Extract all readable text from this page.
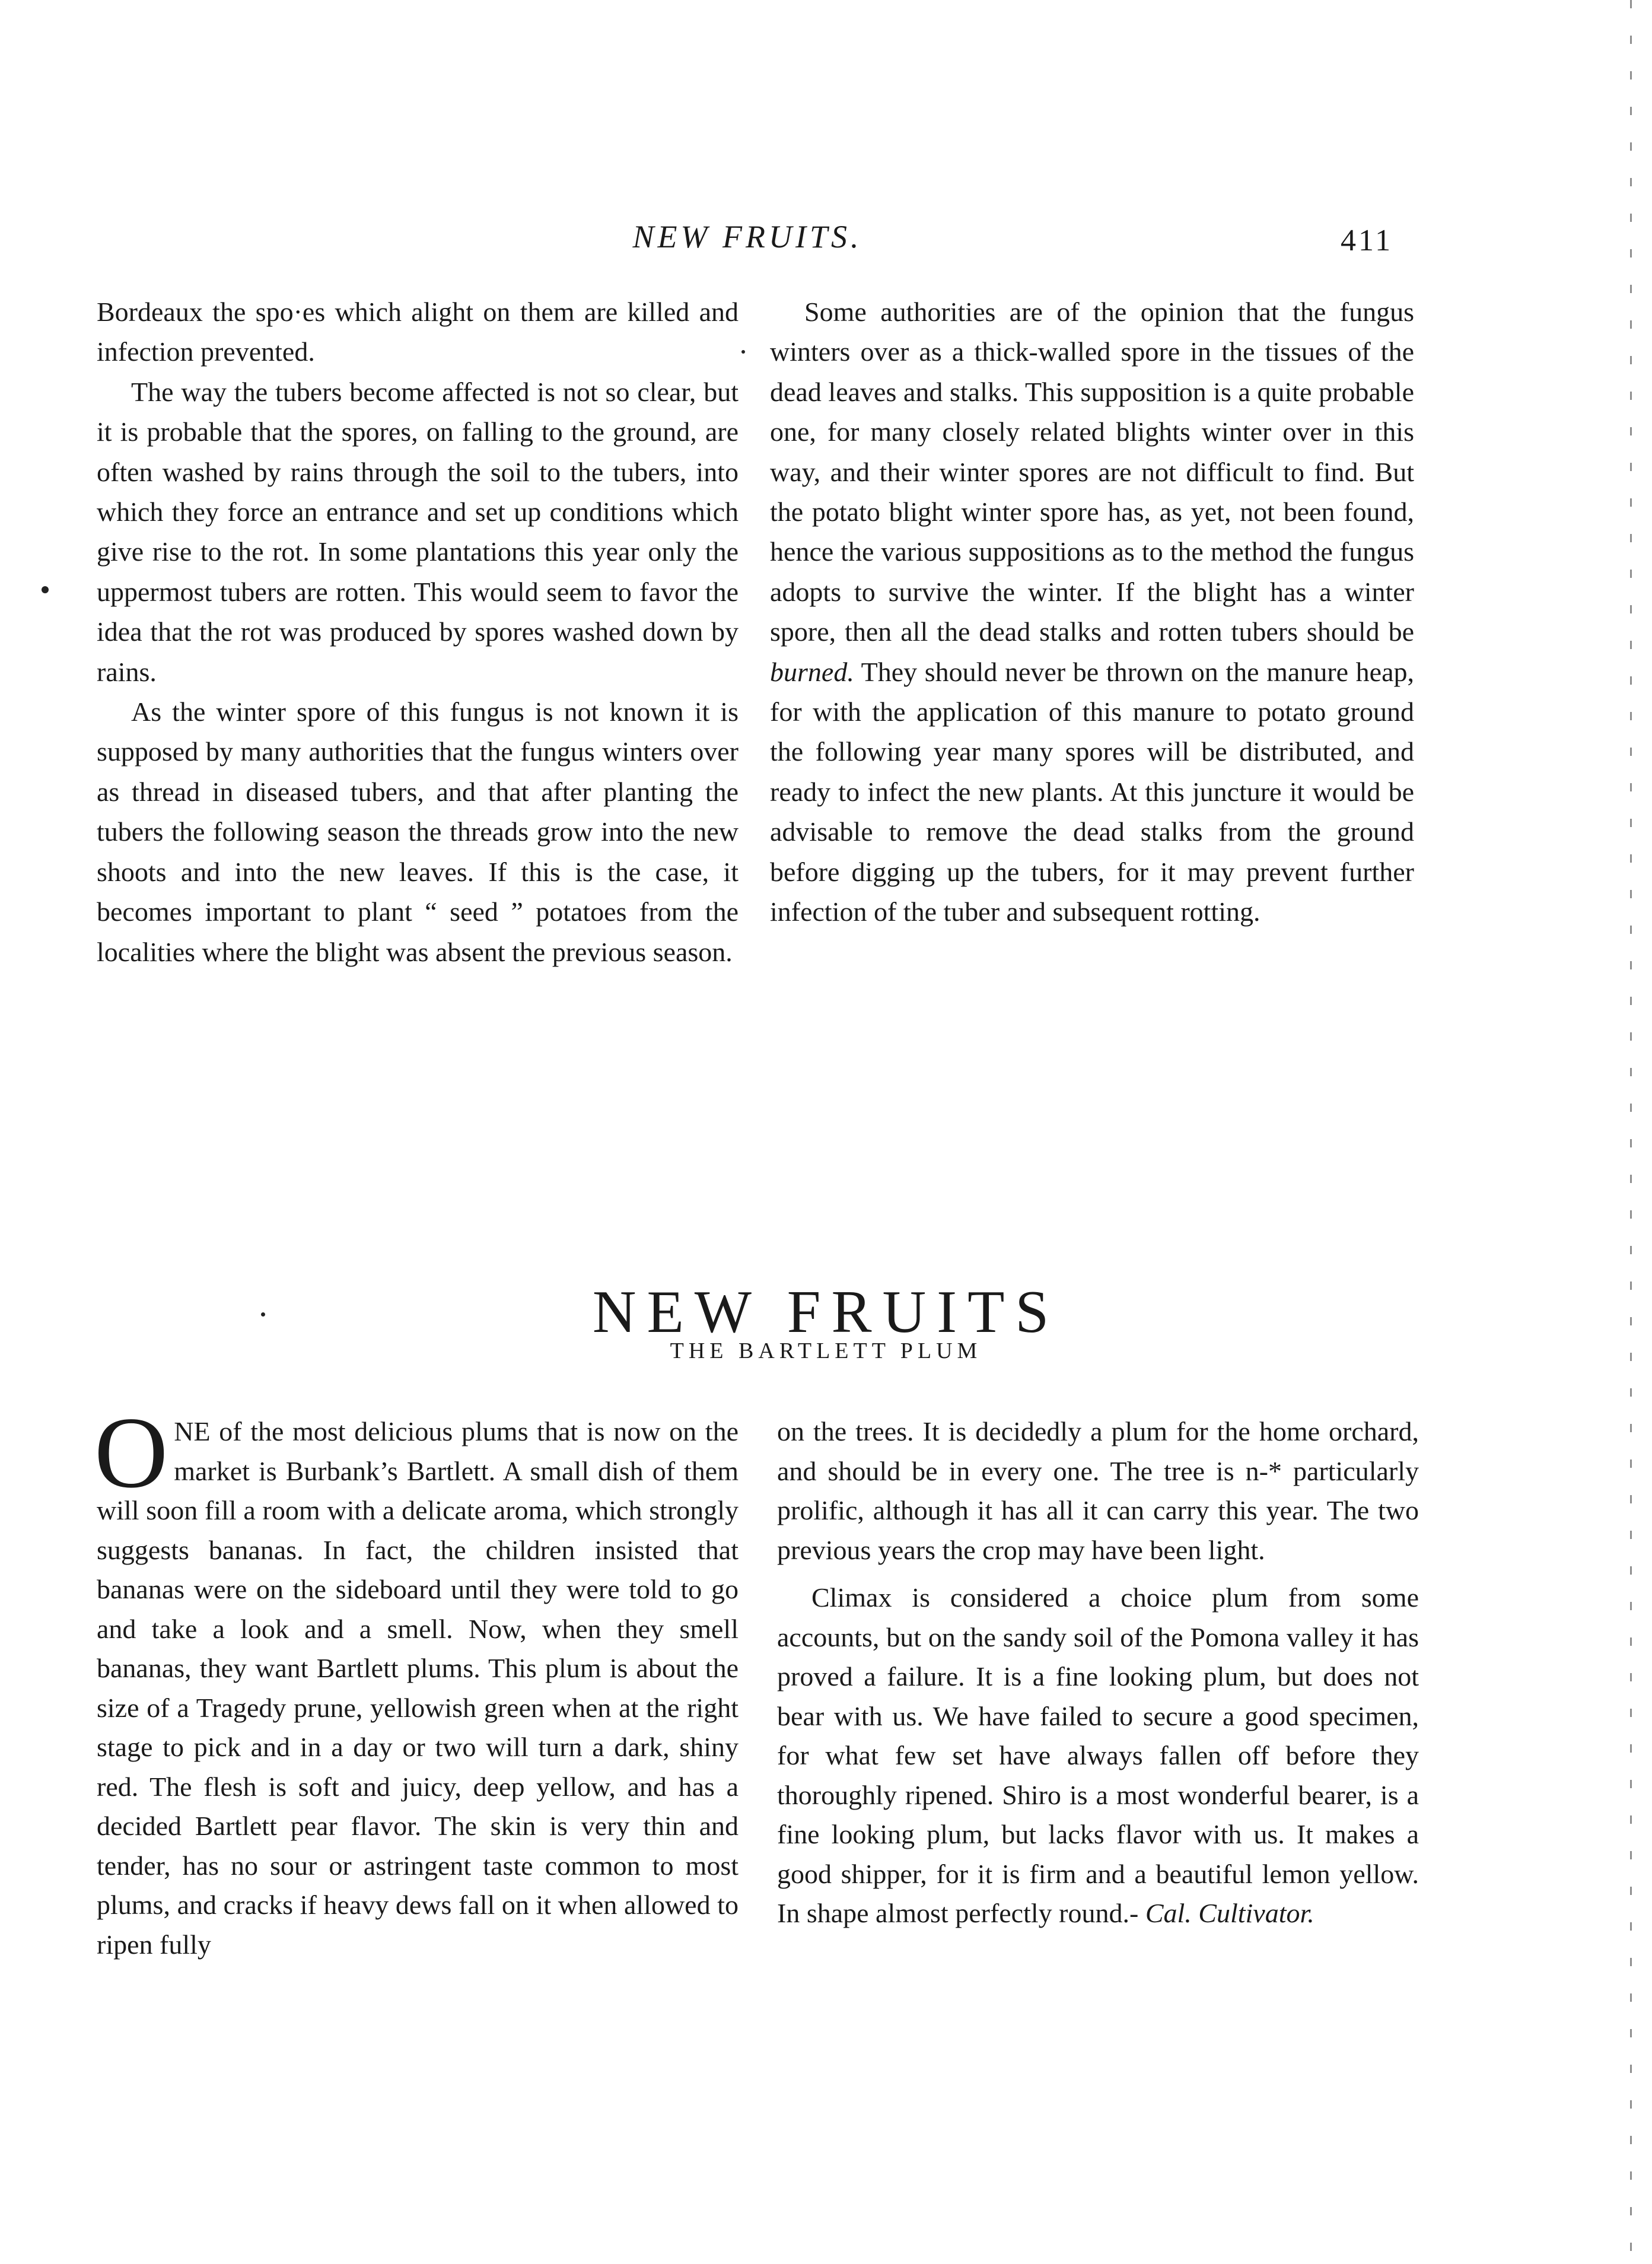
NEW FRUITS.	411

Bordeaux the spo·es which alight on them are killed and infection prevented.

The way the tubers become affected is not so clear, but it is probable that the spores, on falling to the ground, are often washed by rains through the soil to the tubers, into which they force an entrance and set up conditions which give rise to the rot. In some plantations this year only the uppermost tubers are rotten. This would seem to favor the idea that the rot was produced by spores washed down by rains.

As the winter spore of this fungus is not known it is supposed by many authorities that the fungus winters over as thread in diseased tubers, and that after planting the tubers the following season the threads grow into the new shoots and into the new leaves. If this is the case, it becomes important to plant “ seed ” potatoes from the localities where the blight was absent the previous season.

Some authorities are of the opinion that the fungus winters over as a thick-walled spore in the tissues of the dead leaves and stalks. This supposition is a quite probable one, for many closely related blights winter over in this way, and their winter spores are not difficult to find. But the potato blight winter spore has, as yet, not been found, hence the various suppositions as to the method the fungus adopts to survive the winter. If the blight has a winter spore, then all the dead stalks and rotten tubers should be burned. They should never be thrown on the manure heap, for with the application of this manure to potato ground the following year many spores will be distributed, and ready to infect the new plants. At this juncture it would be advisable to remove the dead stalks from the ground before digging up the tubers, for it may prevent further infection of the tuber and subsequent rotting.

NEW FRUITS
THE BARTLETT PLUM

ONE of the most delicious plums that is now on the market is Burbank’s Bartlett. A small dish of them will soon fill a room with a delicate aroma, which strongly suggests bananas. In fact, the children insisted that bananas were on the sideboard until they were told to go and take a look and a smell. Now, when they smell bananas, they want Bartlett plums. This plum is about the size of a Tragedy prune, yellowish green when at the right stage to pick and in a day or two will turn a dark, shiny red. The flesh is soft and juicy, deep yellow, and has a decided Bartlett pear flavor. The skin is very thin and tender, has no sour or astringent taste common to most plums, and cracks if heavy dews fall on it when allowed to ripen fully

on the trees. It is decidedly a plum for the home orchard, and should be in every one. The tree is n-* particularly prolific, although it has all it can carry this year. The two previous years the crop may have been light.

Climax is considered a choice plum from some accounts, but on the sandy soil of the Pomona valley it has proved a failure. It is a fine looking plum, but does not bear with us. We have failed to secure a good specimen, for what few set have always fallen off before they thoroughly ripened. Shiro is a most wonderful bearer, is a fine looking plum, but lacks flavor with us. It makes a good shipper, for it is firm and a beautiful lemon yellow. In shape almost perfectly round.- Cal. Cultivator.
